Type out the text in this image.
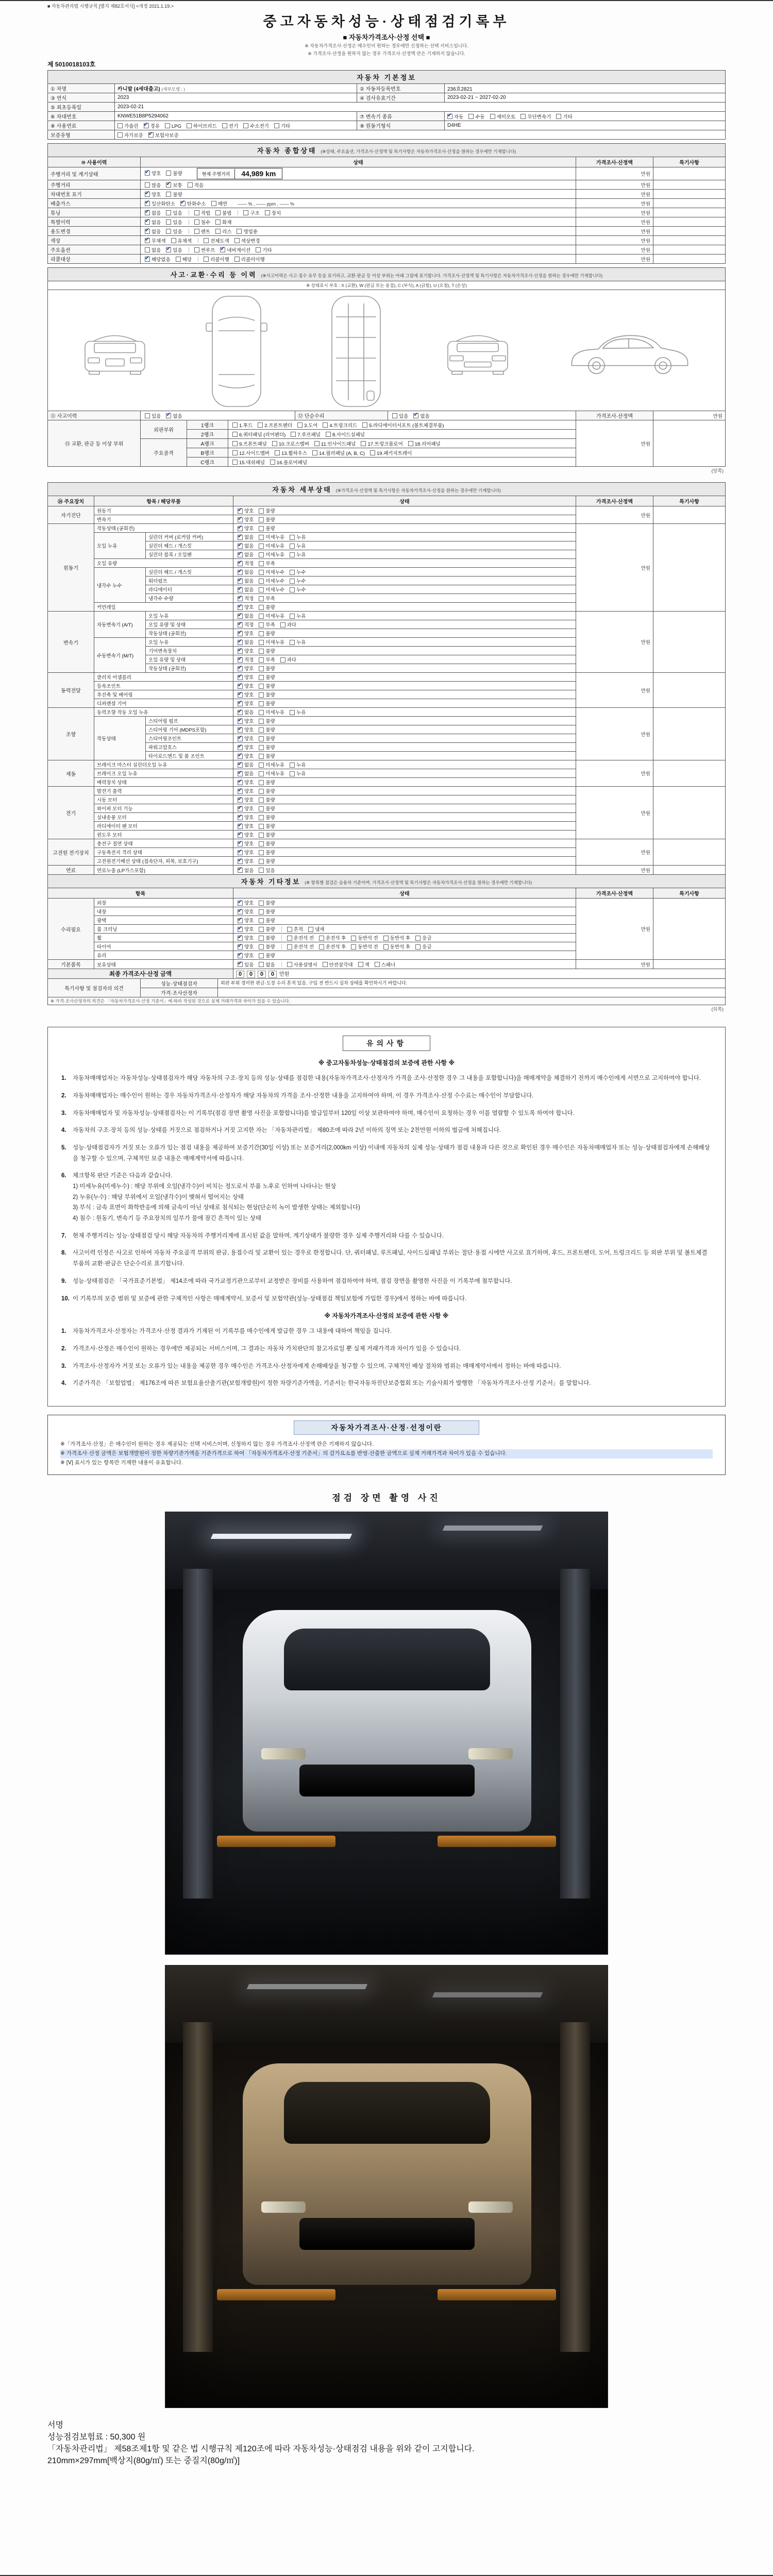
■ 자동차관리법 시행규칙 [별지 제82호서식] <개정 2021.1.19.>
중고자동차성능·상태점검기록부
■ 자동차가격조사·산정 선택 ■
※ 자동차가격조사·산정은 매수인이 원하는 경우에만 신청하는 선택 서비스입니다.
※ 가격조사·산정을 원하지 않는 경우 가격조사·산정액 란은 기재하지 않습니다.
제 5010018103호
자동차 기본정보			
① 차명	카니발 (4세대출고) (세부모델 : )	② 자동차등록번호	236효2821
③ 연식	2023	④ 검사유효기간	2023-02-21 ~ 2027-02-20
⑤ 최초등록일	2023-02-21		
⑥ 차대번호	KNWE51B8P5294062	⑦ 변속기 종류	✔자동 수동 세미오토 무단변속기 기타
⑧ 사용연료	가솔린 ✔ 경유 LPG 하이브리드 전기 수소전기 기타	⑨ 원동기형식	D4HE
보증유형	자가보증 ✔ 보험사보증
자동차 종합상태 (※상태, 주요옵션, 가격조사·산정액 및 특기사항은 자동차가격조사·산정을 원하는 경우에만 기재합니다)			
⑩ 사용이력	상태	가격조사·산정액	특기사항
주행거리 및 계기상태	✔양호 불량 현재 주행거리 44,989 km	만원	
주행거리	많음 ✔ 보통 적음	만원	
차대번호 표기	✔양호 불량	만원	
배출가스	✔일산화탄소 ✔ 탄화수소 매연 —— % , —— ppm , —— %	만원	
튜닝	✔없음 있음 적법 불법 구조 장치	만원	
특별이력	✔없음 있음 침수 화재	만원	
용도변경	✔없음 있음 렌트 리스 영업용	만원	
색상	✔무채색 유채색 전체도색 색상변경	만원	
주요옵션	없음 ✔ 있음 썬루프 ✔ 네비게이션 기타	만원	
리콜대상	✔해당없음 해당 리콜이행 리콜미이행	만원	
사고·교환·수리 등 이력 (※사고이력은 사고·침수 유무 등을 표기하고, 교환·판금 등 이상 부위는 아래 그림에 표기합니다. 가격조사·산정액 및 특기사항은 자동차가격조사·산정을 원하는 경우에만 기재합니다)
※ 상태표시 부호 : X (교환), W (판금 또는 용접), C (부식), A (긁힘), U (요철), T (손상)
⑪ 사고이력	있음 ✔ 없음	⑫ 단순수리	있음 ✔ 없음	가격조사·산정액	만원
⑬ 교환, 판금 등 이상 부위	외판부위	1랭크	1.후드 2.프론트펜더 3.도어 4.트렁크리드 5.라디에이터서포트 (볼트체결부품)	만원	
		2랭크	6.쿼터패널 (리어펜더) 7.루프패널 8.사이드실패널		
	주요골격	A랭크	9.프론트패널 10.크로스멤버 11.인사이드패널 17.트렁크플로어 18.리어패널		
		B랭크	12.사이드멤버 13.휠하우스 14.필러패널 (A, B, C) 19.패키지트레이		
		C랭크	15.대쉬패널 16.플로어패널		
(앞쪽)
자동차 세부상태 (※가격조사·산정액 및 특기사항은 자동차가격조사·산정을 원하는 경우에만 기재합니다)					
⑭ 주요장치	항목 / 해당부품		상태	가격조사·산정액	특기사항
자기진단	원동기	✔양호 불량	만원	
	변속기	✔양호 불량
원동기	작동상태 (공회전)	✔양호 불량	만원	
	오일 누유	실린더 커버 (로커암 커버)	✔없음 미세누유 누유
		실린더 헤드 / 개스킷	✔없음 미세누유 누유
		실린더 블록 / 오일팬	✔없음 미세누유 누유
	오일 유량	✔적정 부족
	냉각수 누수	실린더 헤드 / 개스킷	✔없음 미세누수 누수
		워터펌프	✔없음 미세누수 누수
		라디에이터	✔없음 미세누수 누수
		냉각수 수량	✔적정 부족
	커먼레일	✔양호 불량
변속기	자동변속기 (A/T)	오일 누유	✔없음 미세누유 누유	만원	
		오일 유량 및 상태	✔적정 부족 과다
		작동상태 (공회전)	✔양호 불량
	수동변속기 (M/T)	오일 누유	✔없음 미세누유 누유
		기어변속장치	✔양호 불량
		오일 유량 및 상태	✔적정 부족 과다
		작동상태 (공회전)	✔양호 불량
동력전달	클러치 어셈블리	✔양호 불량	만원	
	등속조인트	✔양호 불량
	추진축 및 베어링	✔양호 불량
	디퍼렌셜 기어	✔양호 불량
조향	동력조향 작동 오일 누유	✔없음 미세누유 누유	만원	
	작동상태	스티어링 펌프	✔양호 불량
		스티어링 기어 (MDPS포함)	✔양호 불량
		스티어링조인트	✔양호 불량
		파워고압호스	✔양호 불량
		타이로드엔드 및 볼 조인트	✔양호 불량
제동	브레이크 마스터 실린더오일 누유	✔없음 미세누유 누유	만원	
	브레이크 오일 누유	✔없음 미세누유 누유
	배력장치 상태	✔양호 불량
전기	발전기 출력	✔양호 불량	만원	
	시동 모터	✔양호 불량
	와이퍼 모터 기능	✔양호 불량
	실내송풍 모터	✔양호 불량
	라디에이터 팬 모터	✔양호 불량
	윈도우 모터	✔양호 불량
고전원 전기장치	충전구 절연 상태	✔양호 불량	만원	
	구동축전지 격리 상태	✔양호 불량
	고전원전기배선 상태 (접속단자, 피복, 보호기구)	✔양호 불량
연료	연료누출 (LP가스포함)	✔없음 있음	만원	
자동차 기타정보 (※ 항목별 점검은 승용차 기준이며, 가격조사·산정액 및 특기사항은 자동차가격조사·산정을 원하는 경우에만 기재합니다)				
항목		상태	가격조사·산정액	특기사항
수리필요	외장	✔양호 불량	만원	
	내장	✔양호 불량
	광택	✔양호 불량
	룸 크리닝	✔양호 불량 흔적 냄새
	휠	✔양호 불량 운전석 전 운전석 후 동반석 전 동반석 후 응급
	타이어	✔양호 불량 운전석 전 운전석 후 동반석 전 동반석 후 응급
	유리	✔양호 불량
기본품목	보유상태	✔있음 없음 사용설명서 안전삼각대 잭 스패너	만원	
최종 가격조사·산정 금액	0 0 0 0 만원
특기사항 및 점검자의 의견	성능·상태점검자	외판 부위 경미한 판금·도장 수리 흔적 있음. 구입 전 반드시 실차 상태를 확인하시기 바랍니다.
	가격·조사산정자	
※ 가격·조사산정자의 의견은 「자동차가격조사·산정 기준서」에 따라 작성된 것으로 실제 거래가격과 차이가 있을 수 있습니다.		
(뒤쪽)
유의사항
※ 중고자동차성능·상태점검의 보증에 관한 사항 ※
1.	자동차매매업자는 자동차성능·상태점검자가 해당 자동차의 구조·장치 등의 성능·상태를 점검한 내용(자동차가격조사·산정자가 가격을 조사·산정한 경우 그 내용을 포함합니다)을 매매계약을 체결하기 전까지 매수인에게 서면으로 고지하여야 합니다.
2.	자동차매매업자는 매수인이 원하는 경우 자동차가격조사·산정자가 해당 자동차의 가격을 조사·산정한 내용을 고지하여야 하며, 이 경우 가격조사·산정 수수료는 매수인이 부담합니다.
3.	자동차매매업자 및 자동차성능·상태점검자는 이 기록부(점검 장면 촬영 사진을 포함합니다)를 발급일부터 120일 이상 보관하여야 하며, 매수인이 요청하는 경우 이를 열람할 수 있도록 하여야 합니다.
4.	자동차의 구조·장치 등의 성능·상태를 거짓으로 점검하거나 거짓 고지한 자는 「자동차관리법」 제80조에 따라 2년 이하의 징역 또는 2천만원 이하의 벌금에 처해집니다.
5.	성능·상태점검자가 거짓 또는 오류가 있는 점검 내용을 제공하여 보증기간(30일 이상) 또는 보증거리(2,000km 이상) 이내에 자동차의 실제 성능·상태가 점검 내용과 다른 것으로 확인된 경우 매수인은 자동차매매업자 또는 성능·상태점검자에게 손해배상을 청구할 수 있으며, 구체적인 보증 내용은 매매계약서에 따릅니다.
6.	체크항목 판단 기준은 다음과 같습니다.
1) 미세누유(미세누수) : 해당 부위에 오일(냉각수)이 비치는 정도로서 부품 노후로 인하여 나타나는 현상
2) 누유(누수) : 해당 부위에서 오일(냉각수)이 맺혀서 떨어지는 상태
3) 부식 : 금속 표면이 화학반응에 의해 금속이 아닌 상태로 침식되는 현상(단순히 녹이 발생한 상태는 제외합니다)
4) 침수 : 원동기, 변속기 등 주요장치의 일부가 물에 잠긴 흔적이 있는 상태
7.	현재 주행거리는 성능·상태점검 당시 해당 자동차의 주행거리계에 표시된 값을 말하며, 계기상태가 불량한 경우 실제 주행거리와 다를 수 있습니다.
8.	사고이력 인정은 사고로 인하여 자동차 주요골격 부위의 판금, 용접수리 및 교환이 있는 경우로 한정합니다. 단, 쿼터패널, 루프패널, 사이드실패널 부위는 절단·용접 시에만 사고로 표기하며, 후드, 프론트펜더, 도어, 트렁크리드 등 외판 부위 및 볼트체결 부품의 교환·판금은 단순수리로 표기합니다.
9.	성능·상태점검은 「국가표준기본법」 제14조에 따라 국가교정기관으로부터 교정받은 장비를 사용하여 점검하여야 하며, 점검 장면을 촬영한 사진을 이 기록부에 첨부합니다.
10. 이 기록부의 보증 범위 및 보증에 관한 구체적인 사항은 매매계약서, 보증서 및 보험약관(성능·상태점검 책임보험에 가입한 경우)에서 정하는 바에 따릅니다.
※ 자동차가격조사·산정의 보증에 관한 사항 ※
1.	자동차가격조사·산정자는 가격조사·산정 결과가 기재된 이 기록부를 매수인에게 발급한 경우 그 내용에 대하여 책임을 집니다.
2.	가격조사·산정은 매수인이 원하는 경우에만 제공되는 서비스이며, 그 결과는 자동차 가치판단의 참고자료일 뿐 실제 거래가격과 차이가 있을 수 있습니다.
3.	가격조사·산정자가 거짓 또는 오류가 있는 내용을 제공한 경우 매수인은 가격조사·산정자에게 손해배상을 청구할 수 있으며, 구체적인 배상 절차와 범위는 매매계약서에서 정하는 바에 따릅니다.
4.	기준가격은 「보험업법」 제176조에 따른 보험요율산출기관(보험개발원)이 정한 차량기준가액을, 기준서는 한국자동차진단보증협회 또는 기술사회가 발행한 「자동차가격조사·산정 기준서」를 말합니다.
자동차가격조사·산정·선정이란
※「가격조사·산정」은 매수인이 원하는 경우 제공되는 선택 서비스이며, 신청하지 않는 경우 가격조사·산정액 란은 기재하지 않습니다.
※ 가격조사·산정 금액은 보험개발원이 정한 차량기준가액을 기준가격으로 하여 「자동차가격조사·산정 기준서」의 감가요소를 반영·산출한 금액으로 실제 거래가격과 차이가 있을 수 있습니다.
※ [Ⅴ] 표시가 있는 항목만 기재한 내용이 유효합니다.
점검 장면 촬영 사진
서명
성능점검보험료 : 50,300 원
「자동차관리법」 제58조제1항 및 같은 법 시행규칙 제120조에 따라 자동차성능·상태점검 내용을 위와 같이 고지합니다.
210mm×297mm[백상지(80g/㎡) 또는 중질지(80g/㎡)]
